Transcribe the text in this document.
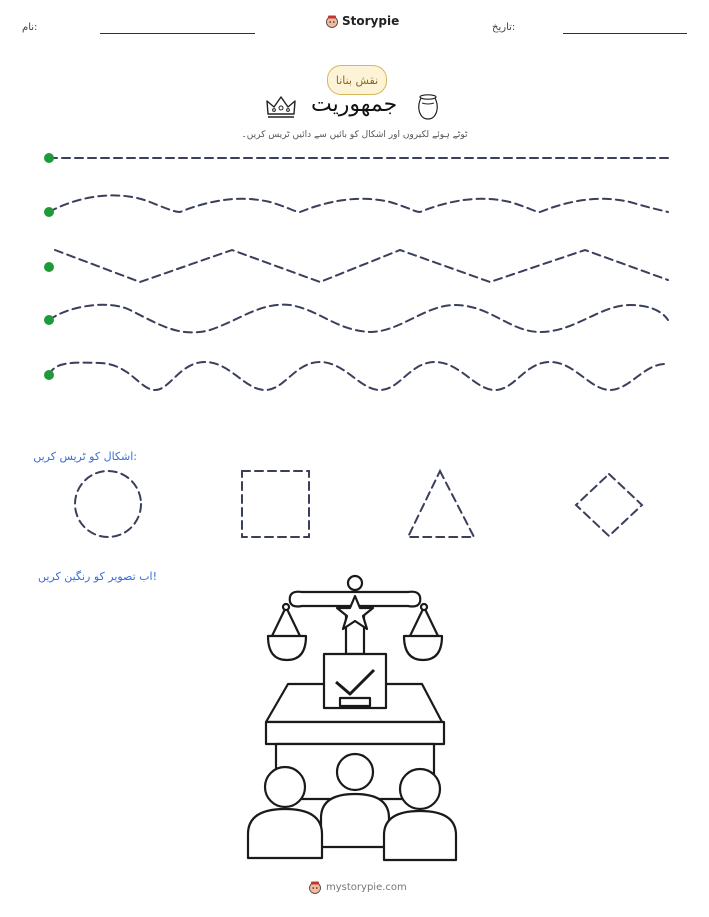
نام:	Storypie	تاریخ:
نقش بنانا
جمهوریت
ٹوٹے ہوئے لکیروں اور اشکال کو بائیں سے دائیں ٹریس کریں۔
اشکال کو ٹریس کریں:
اب تصویر کو رنگین کریں!
mystorypie.com
